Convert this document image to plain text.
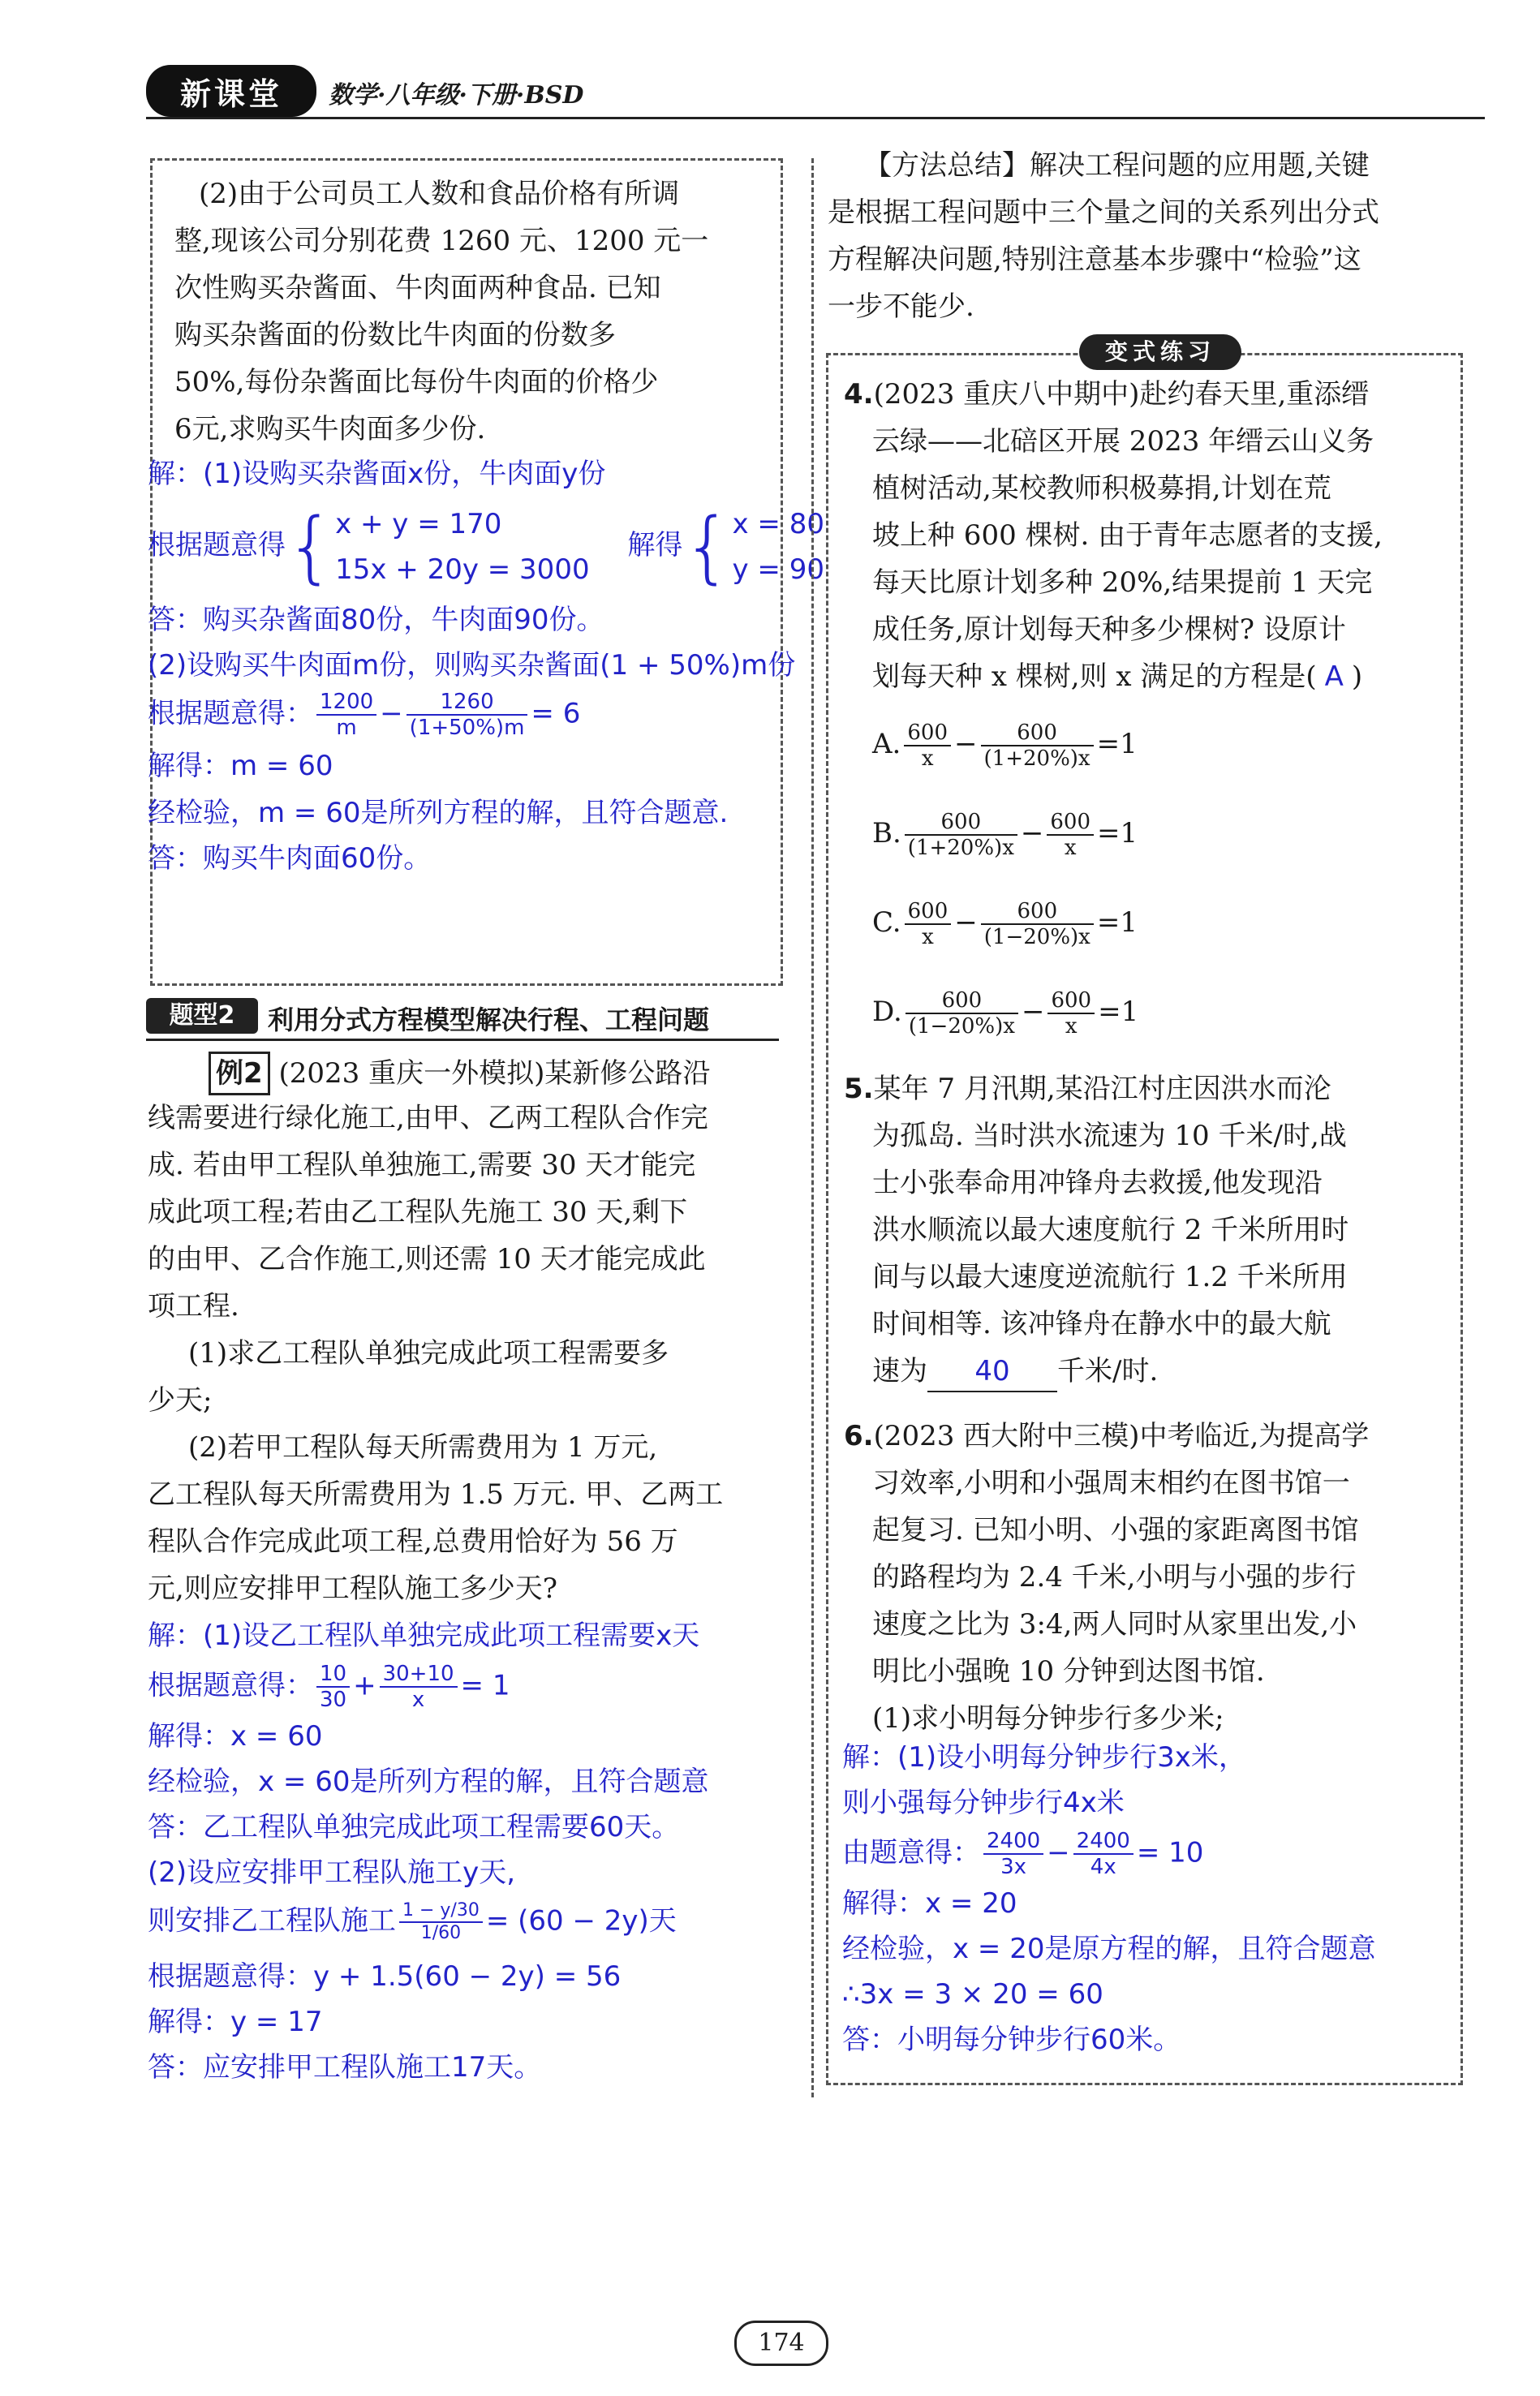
新课堂	数学·八年级·下册·BSD
(2)由于公司员工人数和食品价格有所调
整,现该公司分别花费 1260 元、1200 元一
次性购买杂酱面、牛肉面两种食品. 已知
购买杂酱面的份数比牛肉面的份数多
50%,每份杂酱面比每份牛肉面的价格少
6元,求购买牛肉面多少份.
解：(1)设购买杂酱面x份，牛肉面y份
根据题意得{ x + y = 170
15x + 20y = 3000
解得{ x = 80
y = 90
答：购买杂酱面80份，牛肉面90份。
(2)设购买牛肉面m份，则购买杂酱面(1 + 50%)m份
根据题意得： $\frac{1200}{m} - \frac{1260}{(1+50\%)m} = 6$
解得：m = 60
经检验，m = 60是所列方程的解，且符合题意.
答：购买牛肉面60份。
题型2	利用分式方程模型解决行程、工程问题
例2 (2023 重庆一外模拟)某新修公路沿
线需要进行绿化施工,由甲、乙两工程队合作完
成. 若由甲工程队单独施工,需要 30 天才能完
成此项工程;若由乙工程队先施工 30 天,剩下
的由甲、乙合作施工,则还需 10 天才能完成此
项工程.
(1)求乙工程队单独完成此项工程需要多
少天;
(2)若甲工程队每天所需费用为 1 万元,
乙工程队每天所需费用为 1.5 万元. 甲、乙两工
程队合作完成此项工程,总费用恰好为 56 万
元,则应安排甲工程队施工多少天?
解：(1)设乙工程队单独完成此项工程需要x天
根据题意得： $\frac{10}{30} + \frac{30+10}{x} = 1$
解得：x = 60
经检验，x = 60是所列方程的解，且符合题意
答：乙工程队单独完成此项工程需要60天。
(2)设应安排甲工程队施工y天,
则安排乙工程队施工 $\frac{1 - y/30}{1/60} = (60 - 2y)$天
根据题意得：y + 1.5(60 − 2y) = 56
解得：y = 17
答：应安排甲工程队施工17天。
【方法总结】解决工程问题的应用题,关键
是根据工程问题中三个量之间的关系列出分式
方程解决问题,特别注意基本步骤中“检验”这
一步不能少.
变式练习
4.(2023 重庆八中期中)赴约春天里,重添缙
云绿——北碚区开展 2023 年缙云山义务
植树活动,某校教师积极募捐,计划在荒
坡上种 600 棵树. 由于青年志愿者的支援,
每天比原计划多种 20%,结果提前 1 天完
成任务,原计划每天种多少棵树? 设原计
划每天种 x 棵树,则 x 满足的方程是( A )
A. $\frac{600}{x} - \frac{600}{(1+20\%)x} =1$
B. $\frac{600}{(1+20\%)x} - \frac{600}{x} =1$
C. $\frac{600}{x} - \frac{600}{(1-20\%)x} =1$
D. $\frac{600}{(1-20\%)x} - \frac{600}{x} =1$
5.某年 7 月汛期,某沿江村庄因洪水而沦
为孤岛. 当时洪水流速为 10 千米/时,战
士小张奉命用冲锋舟去救援,他发现沿
洪水顺流以最大速度航行 2 千米所用时
间与以最大速度逆流航行 1.2 千米所用
时间相等. 该冲锋舟在静水中的最大航
速为 40 千米/时.
6.(2023 西大附中三模)中考临近,为提高学
习效率,小明和小强周末相约在图书馆一
起复习. 已知小明、小强的家距离图书馆
的路程均为 2.4 千米,小明与小强的步行
速度之比为 3:4,两人同时从家里出发,小
明比小强晚 10 分钟到达图书馆.
(1)求小明每分钟步行多少米;
解：(1)设小明每分钟步行3x米，
则小强每分钟步行4x米
由题意得： $\frac{2400}{3x} - \frac{2400}{4x} = 10$
解得：x = 20
经检验，x = 20是原方程的解，且符合题意
∴3x = 3 × 20 = 60
答：小明每分钟步行60米。
174
